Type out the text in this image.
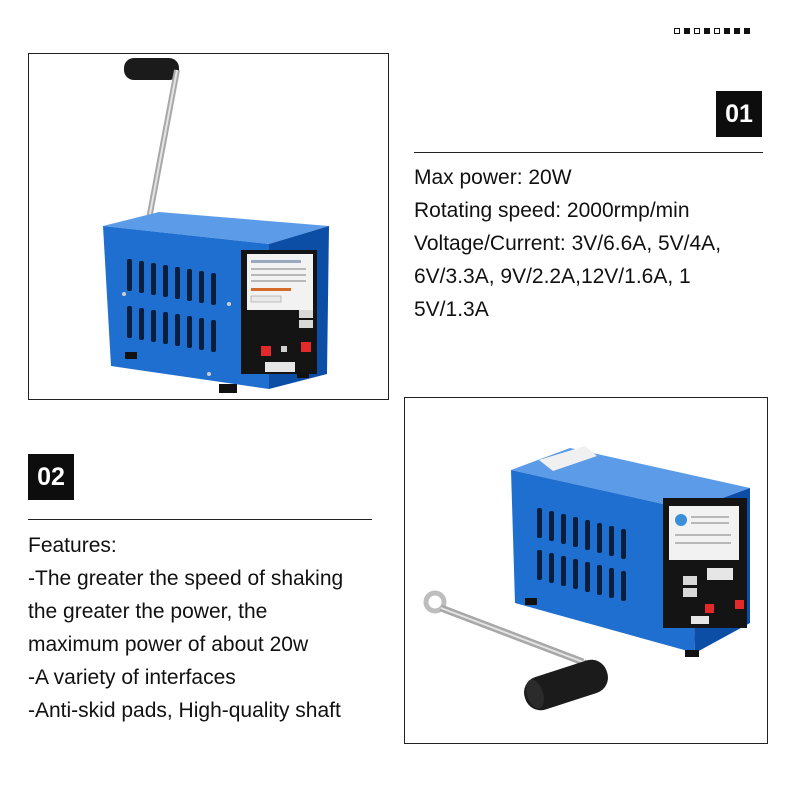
01
Max power: 20W
Rotating speed: 2000rmp/min
Voltage/Current: 3V/6.6A, 5V/4A,
6V/3.3A, 9V/2.2A,12V/1.6A, 1
5V/1.3A
02
Features:
-The greater the speed of shaking
the greater the power, the
maximum power of about 20w
-A variety of interfaces
-Anti-skid pads, High-quality shaft
